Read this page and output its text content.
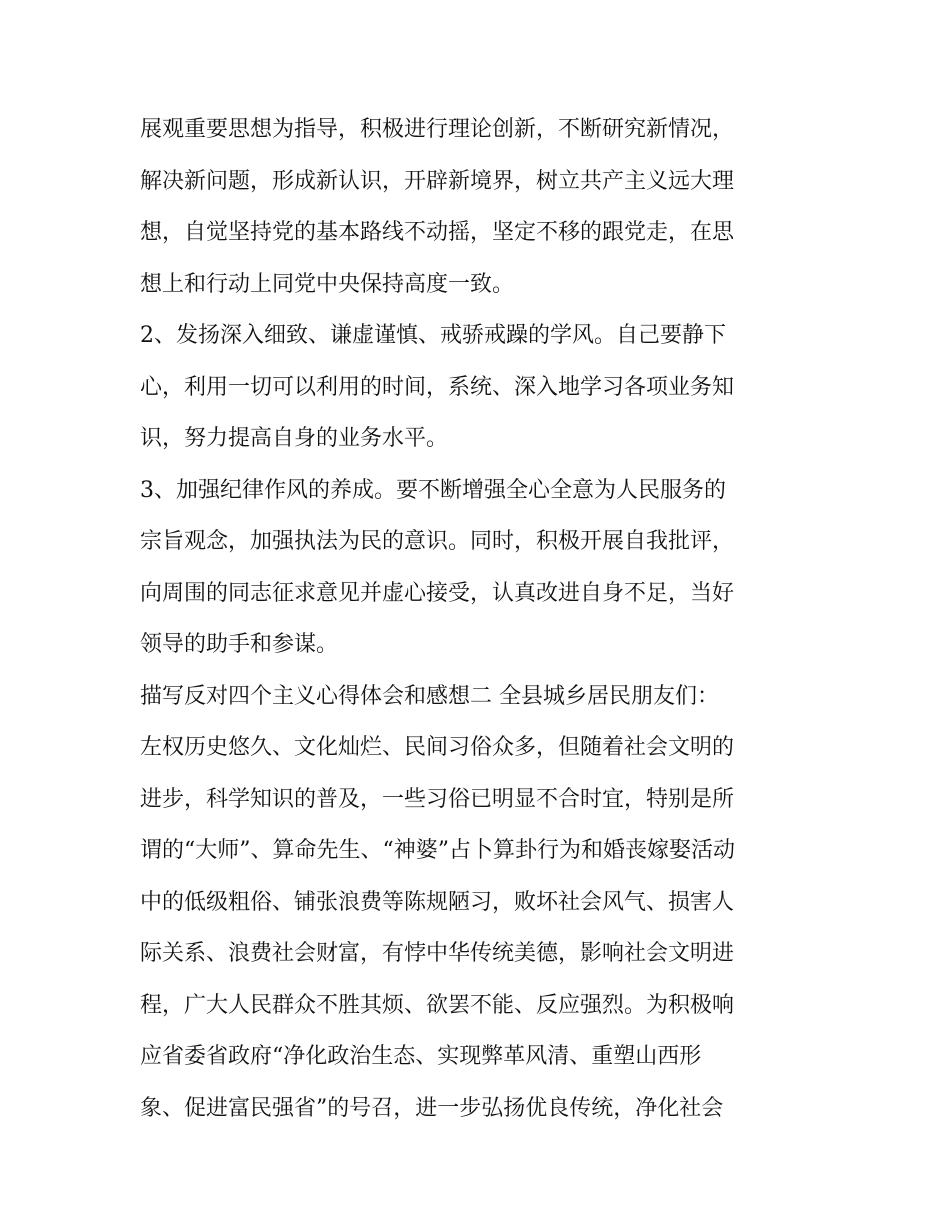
展观重要思想为指导，积极进行理论创新，不断研究新情况，
解决新问题，形成新认识，开辟新境界，树立共产主义远大理
想，自觉坚持党的基本路线不动摇，坚定不移的跟党走，在思
想上和行动上同党中央保持高度一致。
2、发扬深入细致、谦虚谨慎、戒骄戒躁的学风。自己要静下
心，利用一切可以利用的时间，系统、深入地学习各项业务知
识，努力提高自身的业务水平。
3、加强纪律作风的养成。要不断增强全心全意为人民服务的
宗旨观念，加强执法为民的意识。同时，积极开展自我批评，
向周围的同志征求意见并虚心接受，认真改进自身不足，当好
领导的助手和参谋。
描写反对四个主义心得体会和感想二 全县城乡居民朋友们：
左权历史悠久、文化灿烂、民间习俗众多，但随着社会文明的
进步，科学知识的普及，一些习俗已明显不合时宜，特别是所
谓的“大师”、算命先生、“神婆”占卜算卦行为和婚丧嫁娶活动
中的低级粗俗、铺张浪费等陈规陋习，败坏社会风气、损害人
际关系、浪费社会财富，有悖中华传统美德，影响社会文明进
程，广大人民群众不胜其烦、欲罢不能、反应强烈。为积极响
应省委省政府“净化政治生态、实现弊革风清、重塑山西形
象、促进富民强省”的号召，进一步弘扬优良传统，净化社会
